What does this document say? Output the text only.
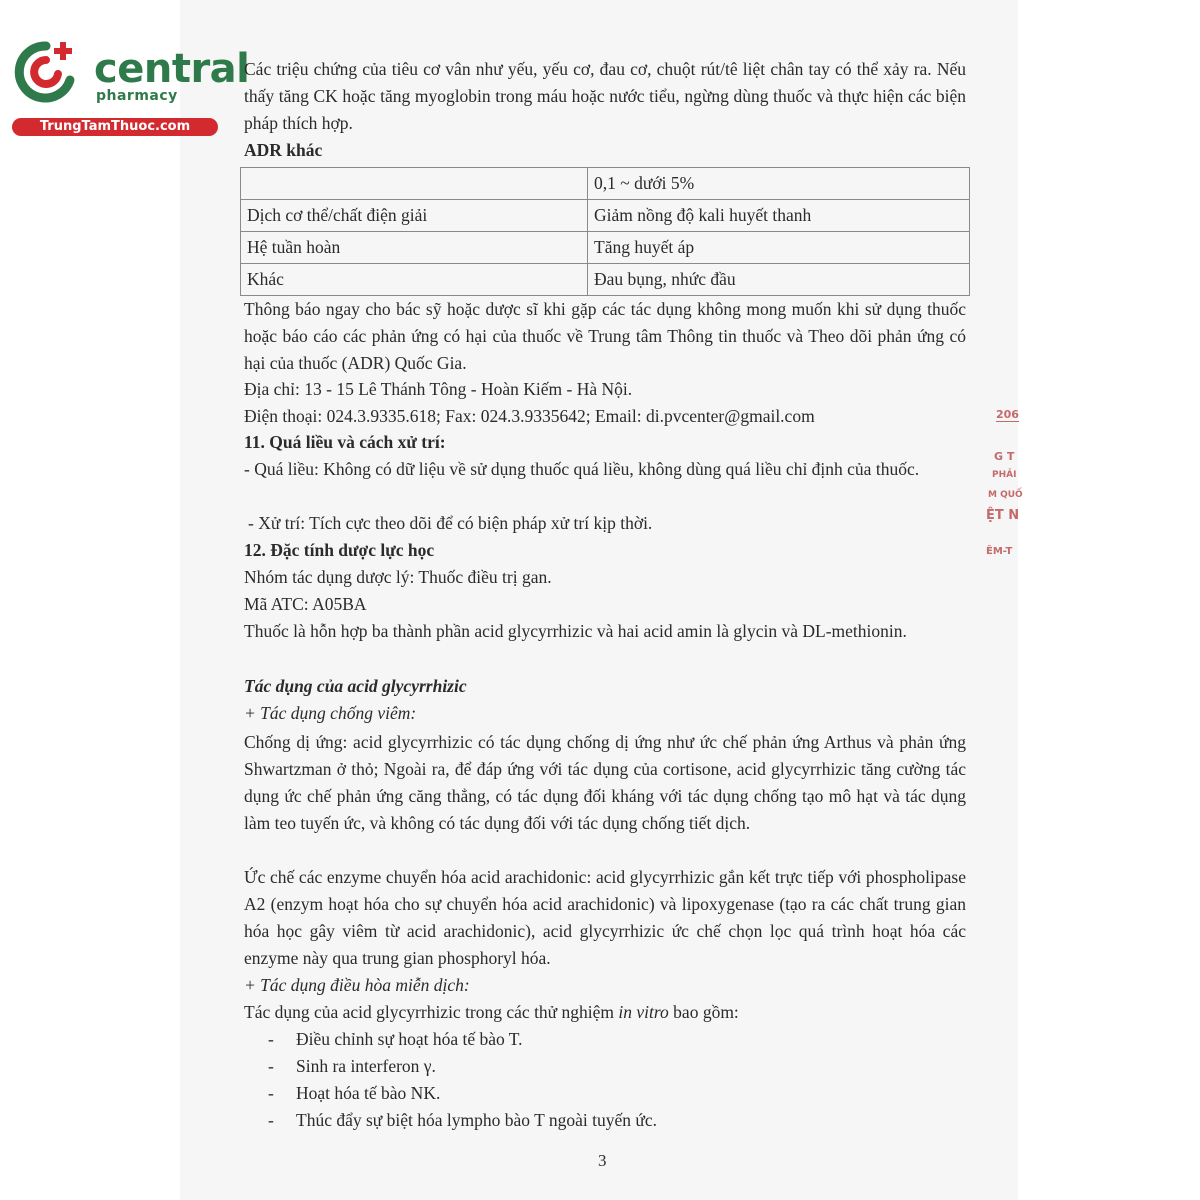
central
pharmacy
TrungTamThuoc.com
Các triệu chứng của tiêu cơ vân như yếu, yếu cơ, đau cơ, chuột rút/tê liệt chân tay có thể xảy ra. Nếu thấy tăng CK hoặc tăng myoglobin trong máu hoặc nước tiểu, ngừng dùng thuốc và thực hiện các biện pháp thích hợp.
ADR khác
	0,1 ~ dưới 5%
Dịch cơ thể/chất điện giải	Giảm nồng độ kali huyết thanh
Hệ tuần hoàn	Tăng huyết áp
Khác	Đau bụng, nhức đầu
Thông báo ngay cho bác sỹ hoặc dược sĩ khi gặp các tác dụng không mong muốn khi sử dụng thuốc hoặc báo cáo các phản ứng có hại của thuốc về Trung tâm Thông tin thuốc và Theo dõi phản ứng có hại của thuốc (ADR) Quốc Gia.
Địa chỉ: 13 - 15 Lê Thánh Tông - Hoàn Kiếm - Hà Nội.
Điện thoại: 024.3.9335.618; Fax: 024.3.9335642; Email: di.pvcenter@gmail.com
11. Quá liều và cách xử trí:
- Quá liều: Không có dữ liệu về sử dụng thuốc quá liều, không dùng quá liều chỉ định của thuốc.
- Xử trí: Tích cực theo dõi để có biện pháp xử trí kịp thời.
12. Đặc tính dược lực học
Nhóm tác dụng dược lý: Thuốc điều trị gan.
Mã ATC: A05BA
Thuốc là hỗn hợp ba thành phần acid glycyrrhizic và hai acid amin là glycin và DL-methionin.
Tác dụng của acid glycyrrhizic
+ Tác dụng chống viêm:
Chống dị ứng: acid glycyrrhizic có tác dụng chống dị ứng như ức chế phản ứng Arthus và phản ứng Shwartzman ở thỏ; Ngoài ra, để đáp ứng với tác dụng của cortisone, acid glycyrrhizic tăng cường tác dụng ức chế phản ứng căng thẳng, có tác dụng đối kháng với tác dụng chống tạo mô hạt và tác dụng làm teo tuyến ức, và không có tác dụng đối với tác dụng chống tiết dịch.
Ức chế các enzyme chuyển hóa acid arachidonic: acid glycyrrhizic gắn kết trực tiếp với phospholipase A2 (enzym hoạt hóa cho sự chuyển hóa acid arachidonic) và lipoxygenase (tạo ra các chất trung gian hóa học gây viêm từ acid arachidonic), acid glycyrrhizic ức chế chọn lọc quá trình hoạt hóa các enzyme này qua trung gian phosphoryl hóa.
+ Tác dụng điều hòa miễn dịch:
Tác dụng của acid glycyrrhizic trong các thử nghiệm in vitro bao gồm:
- Điều chỉnh sự hoạt hóa tế bào T.
- Sinh ra interferon γ.
- Hoạt hóa tế bào NK.
- Thúc đẩy sự biệt hóa lympho bào T ngoài tuyến ức.
3
206
G T
PHẢI
M QUỐ
ỆT N
ÊM-T
